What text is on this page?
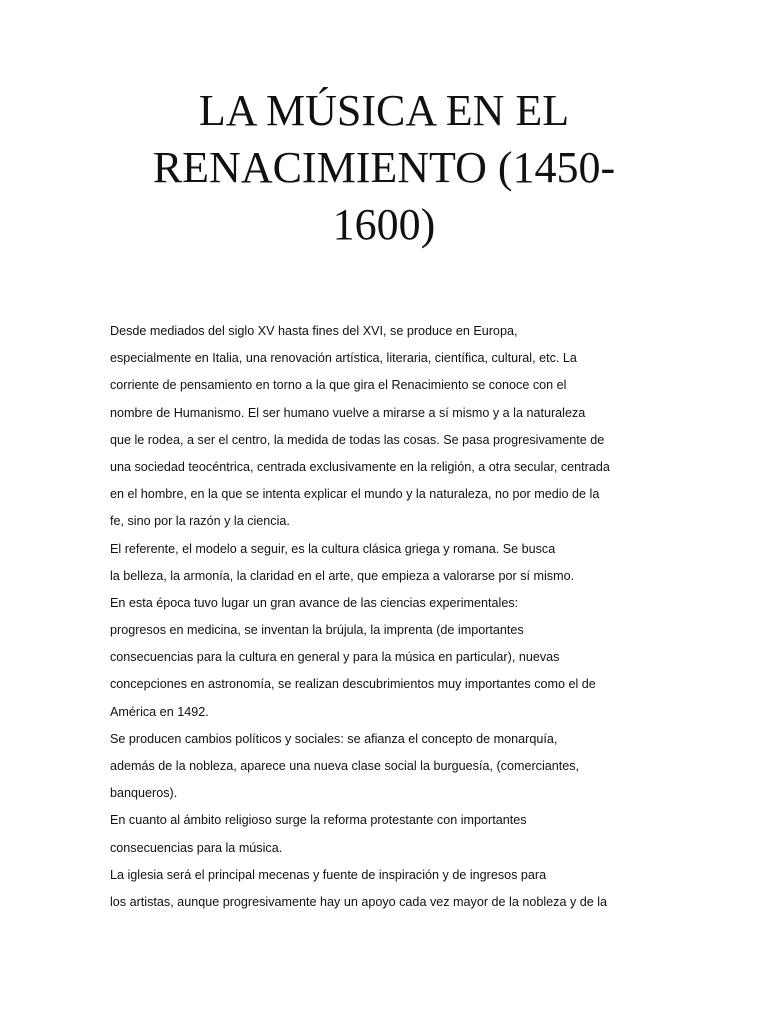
LA MÚSICA EN EL
RENACIMIENTO (1450-
1600)
Desde mediados del siglo XV hasta fines del XVI, se produce en Europa,
especialmente en Italia, una renovación artística, literaria, científica, cultural, etc. La
corriente de pensamiento en torno a la que gira el Renacimiento se conoce con el
nombre de Humanismo. El ser humano vuelve a mirarse a sí mismo y a la naturaleza
que le rodea, a ser el centro, la medida de todas las cosas. Se pasa progresivamente de
una sociedad teocéntrica, centrada exclusivamente en la religión, a otra secular, centrada
en el hombre, en la que se intenta explicar el mundo y la naturaleza, no por medio de la
fe, sino por la razón y la ciencia.
El referente, el modelo a seguir, es la cultura clásica griega y romana. Se busca
la belleza, la armonía, la claridad en el arte, que empieza a valorarse por sí mismo.
En esta época tuvo lugar un gran avance de las ciencias experimentales:
progresos en medicina, se inventan la brújula, la imprenta (de importantes
consecuencias para la cultura en general y para la música en particular), nuevas
concepciones en astronomía, se realizan descubrimientos muy importantes como el de
América en 1492.
Se producen cambios políticos y sociales: se afianza el concepto de monarquía,
además de la nobleza, aparece una nueva clase social la burguesía, (comerciantes,
banqueros).
En cuanto al ámbito religioso surge la reforma protestante con importantes
consecuencias para la música.
La iglesia será el principal mecenas y fuente de inspiración y de ingresos para
los artistas, aunque progresivamente hay un apoyo cada vez mayor de la nobleza y de la
